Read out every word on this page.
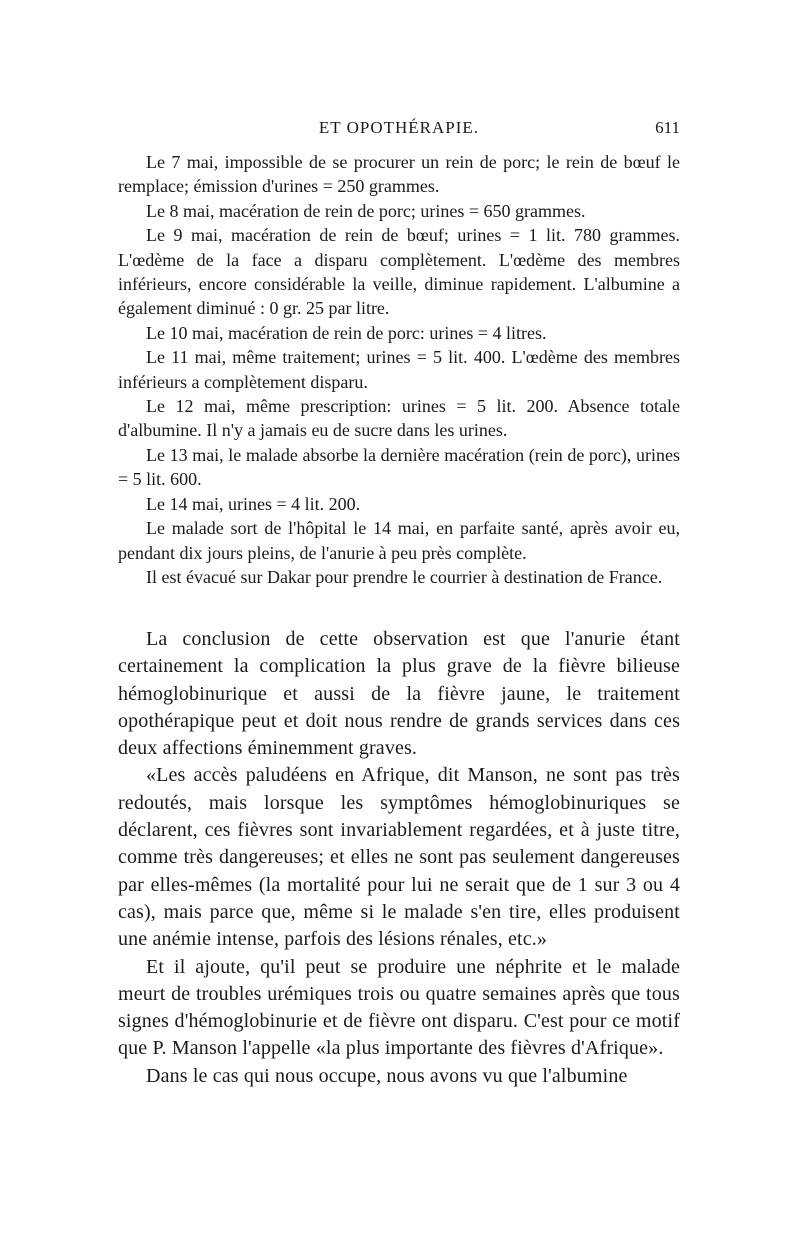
ET OPOTHÉRAPIE.	611

Le 7 mai, impossible de se procurer un rein de porc; le rein de bœuf le remplace; émission d'urines = 250 grammes.

Le 8 mai, macération de rein de porc; urines = 650 grammes.

Le 9 mai, macération de rein de bœuf; urines = 1 lit. 780 grammes. L'œdème de la face a disparu complètement. L'œdème des membres inférieurs, encore considérable la veille, diminue rapidement. L'albumine a également diminué : 0 gr. 25 par litre.

Le 10 mai, macération de rein de porc: urines = 4 litres.

Le 11 mai, même traitement; urines = 5 lit. 400. L'œdème des membres inférieurs a complètement disparu.

Le 12 mai, même prescription: urines = 5 lit. 200. Absence totale d'albumine. Il n'y a jamais eu de sucre dans les urines.

Le 13 mai, le malade absorbe la dernière macération (rein de porc), urines = 5 lit. 600.

Le 14 mai, urines = 4 lit. 200.

Le malade sort de l'hôpital le 14 mai, en parfaite santé, après avoir eu, pendant dix jours pleins, de l'anurie à peu près complète.

Il est évacué sur Dakar pour prendre le courrier à destination de France.

La conclusion de cette observation est que l'anurie étant certainement la complication la plus grave de la fièvre bilieuse hémoglobinurique et aussi de la fièvre jaune, le traitement opothérapique peut et doit nous rendre de grands services dans ces deux affections éminemment graves.

«Les accès paludéens en Afrique, dit Manson, ne sont pas très redoutés, mais lorsque les symptômes hémoglobinuriques se déclarent, ces fièvres sont invariablement regardées, et à juste titre, comme très dangereuses; et elles ne sont pas seulement dangereuses par elles-mêmes (la mortalité pour lui ne serait que de 1 sur 3 ou 4 cas), mais parce que, même si le malade s'en tire, elles produisent une anémie intense, parfois des lésions rénales, etc.»

Et il ajoute, qu'il peut se produire une néphrite et le malade meurt de troubles urémiques trois ou quatre semaines après que tous signes d'hémoglobinurie et de fièvre ont disparu. C'est pour ce motif que P. Manson l'appelle «la plus importante des fièvres d'Afrique».

Dans le cas qui nous occupe, nous avons vu que l'albumine
